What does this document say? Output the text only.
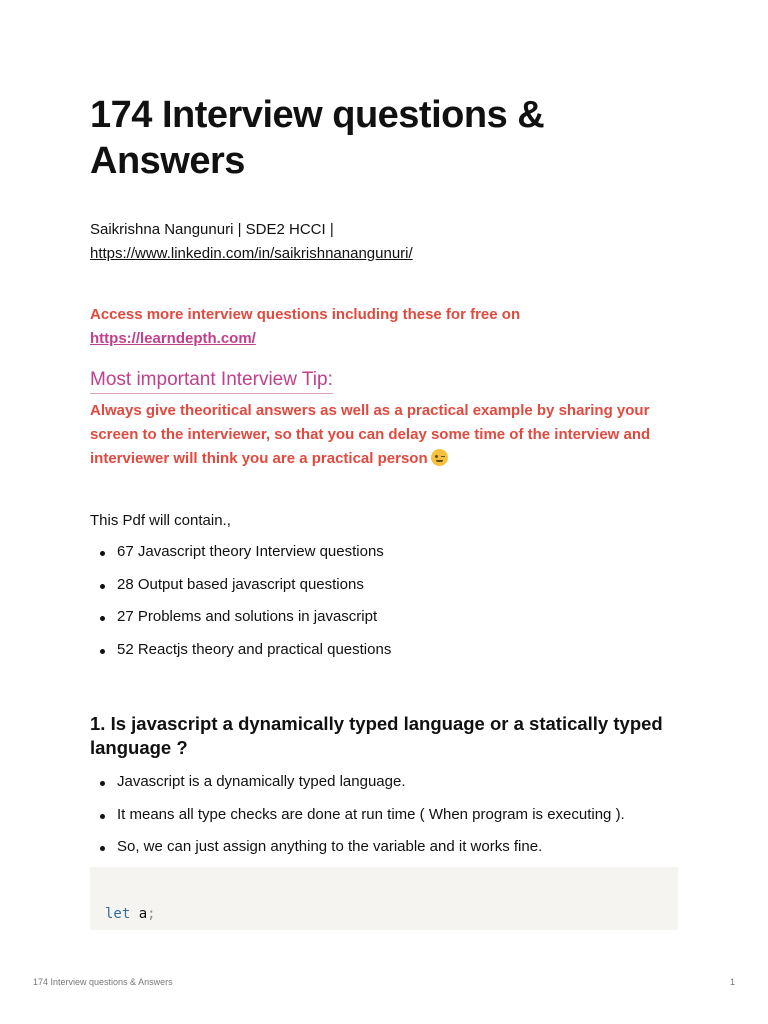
174 Interview questions & Answers
Saikrishna Nangunuri | SDE2 HCCI |
https://www.linkedin.com/in/saikrishnanangunuri/
Access more interview questions including these for free on
https://learndepth.com/
Most important Interview Tip:
Always give theoritical answers as well as a practical example by sharing your screen to the interviewer, so that you can delay some time of the interview and interviewer will think you are a practical person
This Pdf will contain.,
67 Javascript theory Interview questions
28 Output based javascript questions
27 Problems and solutions in javascript
52 Reactjs theory and practical questions
1. Is javascript a dynamically typed language or a statically typed language ?
Javascript is a dynamically typed language.
It means all type checks are done at run time ( When program is executing ).
So, we can just assign anything to the variable and it works fine.
let a;
174 Interview questions & Answers	1
